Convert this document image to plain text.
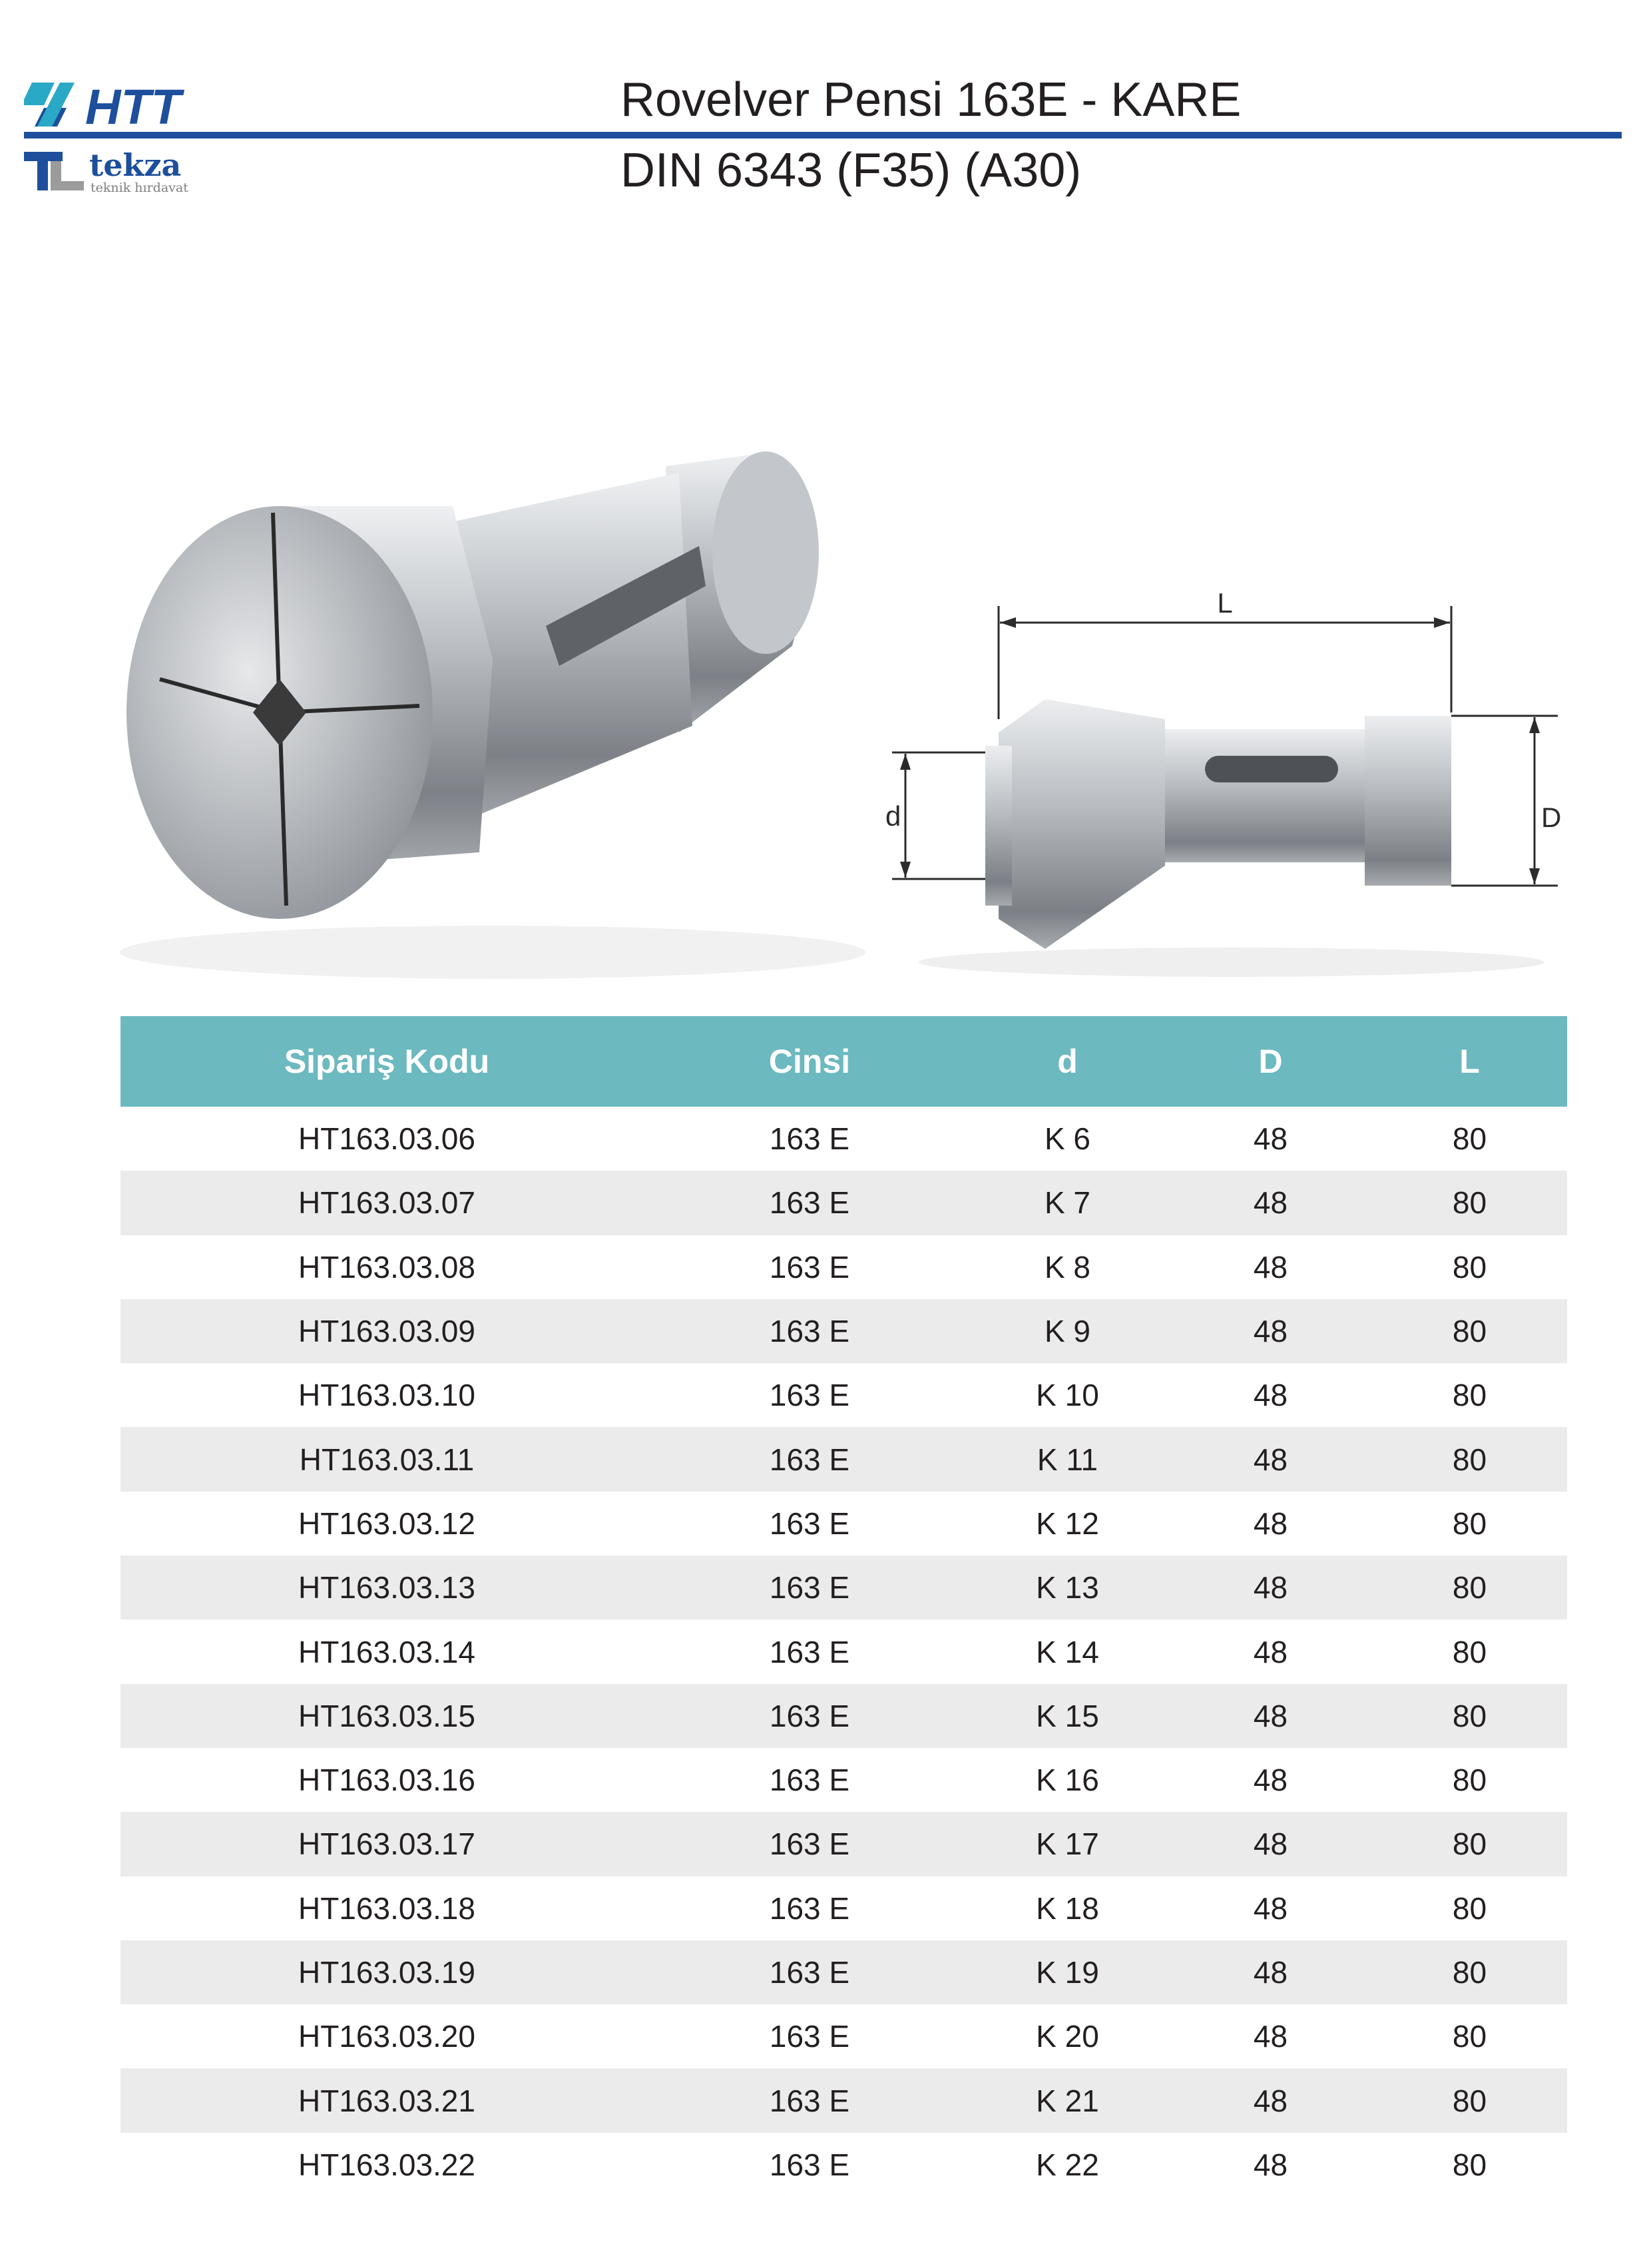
HTT
tekza
teknik hırdavat
Rovelver Pensi 163E - KARE
DIN 6343 (F35) (A30)
L
d	D
Sipariş Kodu	Cinsi	d	D	L
HT163.03.06	163 E	K 6	48	80
HT163.03.07	163 E	K 7	48	80
HT163.03.08	163 E	K 8	48	80
HT163.03.09	163 E	K 9	48	80
HT163.03.10	163 E	K 10	48	80
HT163.03.11	163 E	K 11	48	80
HT163.03.12	163 E	K 12	48	80
HT163.03.13	163 E	K 13	48	80
HT163.03.14	163 E	K 14	48	80
HT163.03.15	163 E	K 15	48	80
HT163.03.16	163 E	K 16	48	80
HT163.03.17	163 E	K 17	48	80
HT163.03.18	163 E	K 18	48	80
HT163.03.19	163 E	K 19	48	80
HT163.03.20	163 E	K 20	48	80
HT163.03.21	163 E	K 21	48	80
HT163.03.22	163 E	K 22	48	80
